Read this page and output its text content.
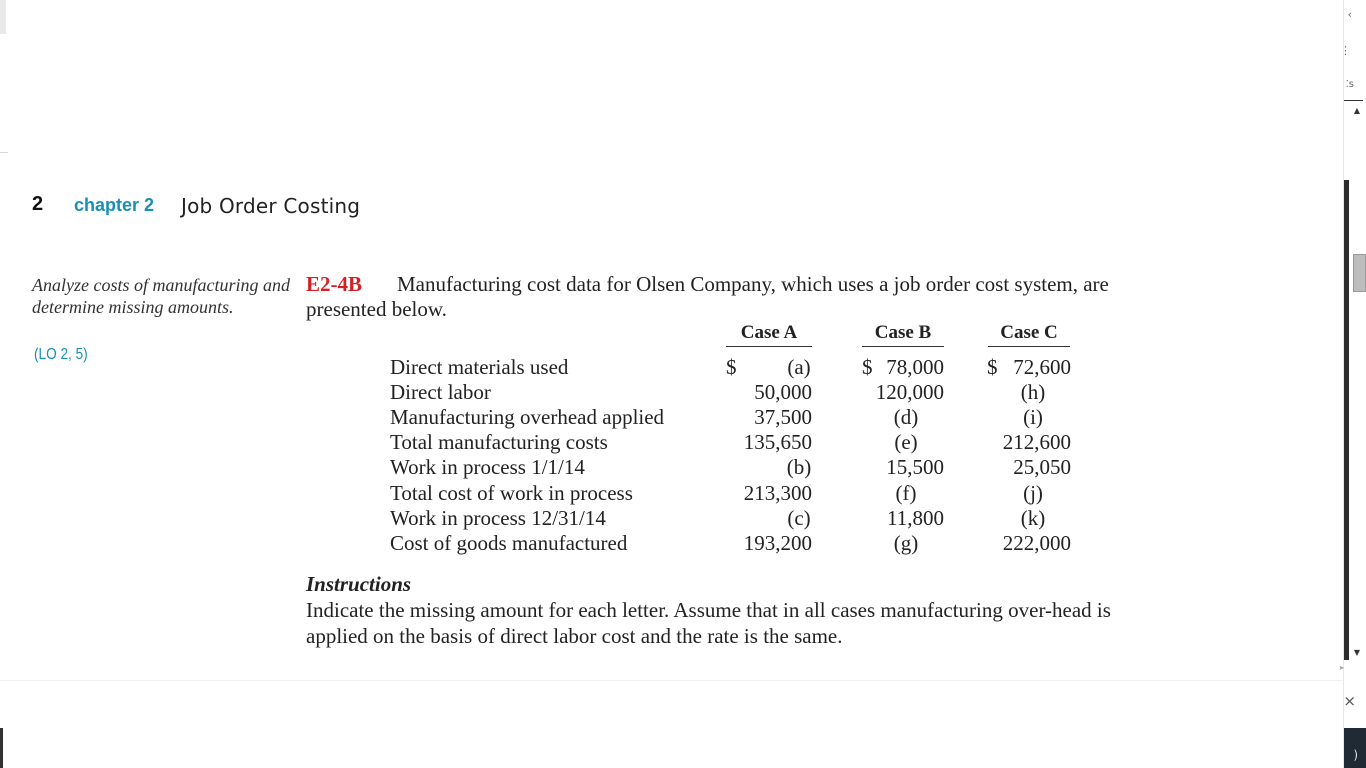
‹
⋮
⁚s
▲
▼
▸
×
)
2 chapter 2 Job Order Costing
Analyze costs of manufacturing and determine missing amounts.
(LO 2, 5)
Manufacturing cost data for Olsen Company, which uses a job order cost system, are presented below.
E2-4B
Case A	Case B	Case C
$	$	$
Direct materials used	(a)	78,000	72,600
Direct labor	50,000	120,000	(h)
Manufacturing overhead applied	37,500	(d)	(i)
Total manufacturing costs	135,650	(e)	212,600
Work in process 1/1/14	(b)	15,500	25,050
Total cost of work in process	213,300	(f)	(j)
Work in process 12/31/14	(c)	11,800	(k)
Cost of goods manufactured	193,200	(g)	222,000
Instructions
Indicate the missing amount for each letter. Assume that in all cases manufacturing over-head is applied on the basis of direct labor cost and the rate is the same.
